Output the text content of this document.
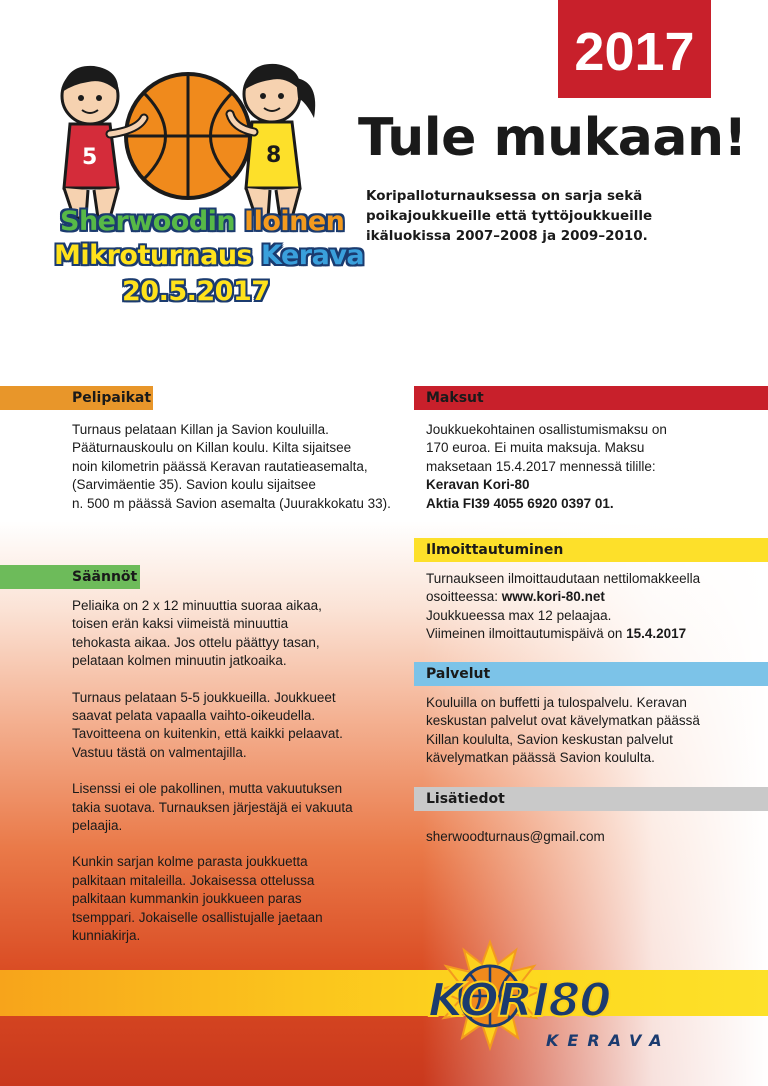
5	8
Sherwoodin Iloinen
Mikroturnaus Kerava
20.5.2017
2017
Tule mukaan!
Koripalloturnauksessa on sarja sekä poikajoukkueille että tyttöjoukkueille ikäluokissa 2007–2008 ja 2009–2010.
Pelipaikat

Turnaus pelataan Killan ja Savion kouluilla.

Pääturnauskoulu on Killan koulu. Kilta sijaitsee

noin kilometrin päässä Keravan rautatieasemalta,

(Sarvimäentie 35). Savion koulu sijaitsee

n. 500 m päässä Savion asemalta (Juurakkokatu 33).

Säännöt

Peliaika on 2 x 12 minuuttia suoraa aikaa,

toisen erän kaksi viimeistä minuuttia

tehokasta aikaa. Jos ottelu päättyy tasan,

pelataan kolmen minuutin jatkoaika.

Turnaus pelataan 5-5 joukkueilla. Joukkueet

saavat pelata vapaalla vaihto-oikeudella.

Tavoitteena on kuitenkin, että kaikki pelaavat.

Vastuu tästä on valmentajilla.

Lisenssi ei ole pakollinen, mutta vakuutuksen

takia suotava. Turnauksen järjestäjä ei vakuuta

pelaajia.

Kunkin sarjan kolme parasta joukkuetta

palkitaan mitaleilla. Jokaisessa ottelussa

palkitaan kummankin joukkueen paras

tsemppari. Jokaiselle osallistujalle jaetaan

kunniakirja.

Maksut

Joukkuekohtainen osallistumismaksu on

170 euroa. Ei muita maksuja. Maksu

maksetaan 15.4.2017 mennessä tilille:

Keravan Kori-80

Aktia FI39 4055 6920 0397 01.

Ilmoittautuminen

Turnaukseen ilmoittaudutaan nettilomakkeella

osoitteessa: www.kori-80.net

Joukkueessa max 12 pelaajaa.

Viimeinen ilmoittautumispäivä on 15.4.2017

Palvelut

Kouluilla on buffetti ja tulospalvelu. Keravan

keskustan palvelut ovat kävelymatkan päässä

Killan koululta, Savion keskustan palvelut

kävelymatkan päässä Savion koululta.

Lisätiedot

sherwoodturnaus@gmail.com

KORI80
KERAVA
